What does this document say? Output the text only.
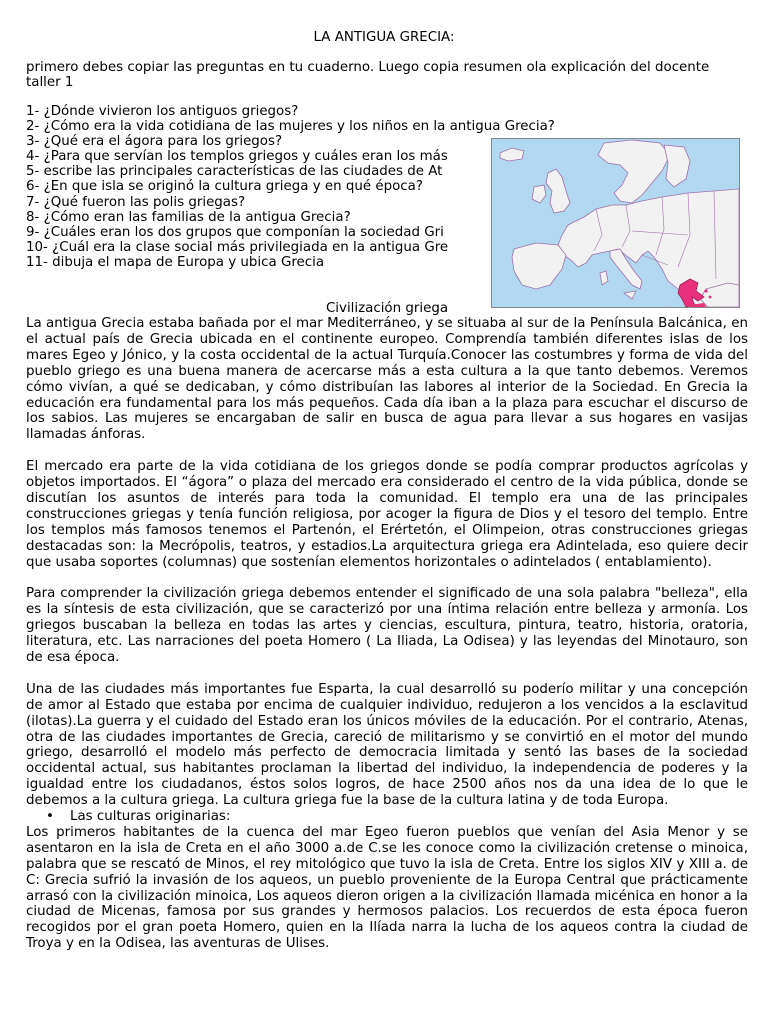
LA ANTIGUA GRECIA:
primero debes copiar las preguntas en tu cuaderno. Luego copia resumen ola explicación del docente
taller 1
1- ¿Dónde vivieron los antiguos griegos?
2- ¿Cómo era la vida cotidiana de las mujeres y los niños en la antigua Grecia?
3- ¿Qué era el ágora para los griegos?
4- ¿Para que servían los templos griegos y cuáles eran los más
5- escribe las principales características de las ciudades de At
6- ¿En que isla se originó la cultura griega y en qué época?
7- ¿Qué fueron las polis griegas?
8- ¿Cómo eran las familias de la antigua Grecia?
9- ¿Cuáles eran los dos grupos que componían la sociedad Gri
10- ¿Cuál era la clase social más privilegiada en la antigua Gre
11- dibuja el mapa de Europa y ubica Grecia
Civilización griega

La antigua Grecia estaba bañada por el mar Mediterráneo, y se situaba al sur de la Península Balcánica, en el actual país de Grecia ubicada en el continente europeo. Comprendía también diferentes islas de los mares Egeo y Jónico, y la costa occidental de la actual Turquía.Conocer las costumbres y forma de vida del pueblo griego es una buena manera de acercarse más a esta cultura a la que tanto debemos. Veremos cómo vivían, a qué se dedicaban, y cómo distribuían las labores al interior de la Sociedad. En Grecia la educación era fundamental para los más pequeños. Cada día iban a la plaza para escuchar el discurso de los sabios. Las mujeres se encargaban de salir en busca de agua para llevar a sus hogares en vasijas llamadas ánforas.

El mercado era parte de la vida cotidiana de los griegos donde se podía comprar productos agrícolas y objetos importados. El “ágora” o plaza del mercado era considerado el centro de la vida pública, donde se discutían los asuntos de interés para toda la comunidad. El templo era una de las principales construcciones griegas y tenía función religiosa, por acoger la figura de Dios y el tesoro del templo. Entre los templos más famosos tenemos el Partenón, el Erértetón, el Olimpeion, otras construcciones griegas destacadas son: la Mecrópolis, teatros, y estadios.La arquitectura griega era Adintelada, eso quiere decir que usaba soportes (columnas) que sostenían elementos horizontales o adintelados ( entablamiento).

Para comprender la civilización griega debemos entender el significado de una sola palabra "belleza", ella es la síntesis de esta civilización, que se caracterizó por una íntima relación entre belleza y armonía. Los griegos buscaban la belleza en todas las artes y ciencias, escultura, pintura, teatro, historia, oratoria, literatura, etc. Las narraciones del poeta Homero ( La Iliada, La Odisea) y las leyendas del Minotauro, son de esa época.

Una de las ciudades más importantes fue Esparta, la cual desarrolló su poderío militar y una concepción de amor al Estado que estaba por encima de cualquier individuo, redujeron a los vencidos a la esclavitud (ilotas).La guerra y el cuidado del Estado eran los únicos móviles de la educación. Por el contrario, Atenas, otra de las ciudades importantes de Grecia, careció de militarismo y se convirtió en el motor del mundo griego, desarrolló el modelo más perfecto de democracia limitada y sentó las bases de la sociedad occidental actual, sus habitantes proclaman la libertad del individuo, la independencia de poderes y la igualdad entre los ciudadanos, éstos solos logros, de hace 2500 años nos da una idea de lo que le debemos a la cultura griega. La cultura griega fue la base de la cultura latina y de toda Europa.

• Las culturas originarias:

Los primeros habitantes de la cuenca del mar Egeo fueron pueblos que venían del Asia Menor y se asentaron en la isla de Creta en el año 3000 a.de C.se les conoce como la civilización cretense o minoica, palabra que se rescató de Minos, el rey mitológico que tuvo la isla de Creta. Entre los siglos XIV y XIII a. de C: Grecia sufrió la invasión de los aqueos, un pueblo proveniente de la Europa Central que prácticamente arrasó con la civilización minoica, Los aqueos dieron origen a la civilización llamada micénica en honor a la ciudad de Micenas, famosa por sus grandes y hermosos palacios. Los recuerdos de esta época fueron recogidos por el gran poeta Homero, quien en la Ilíada narra la lucha de los aqueos contra la ciudad de Troya y en la Odisea, las aventuras de Ulises.
